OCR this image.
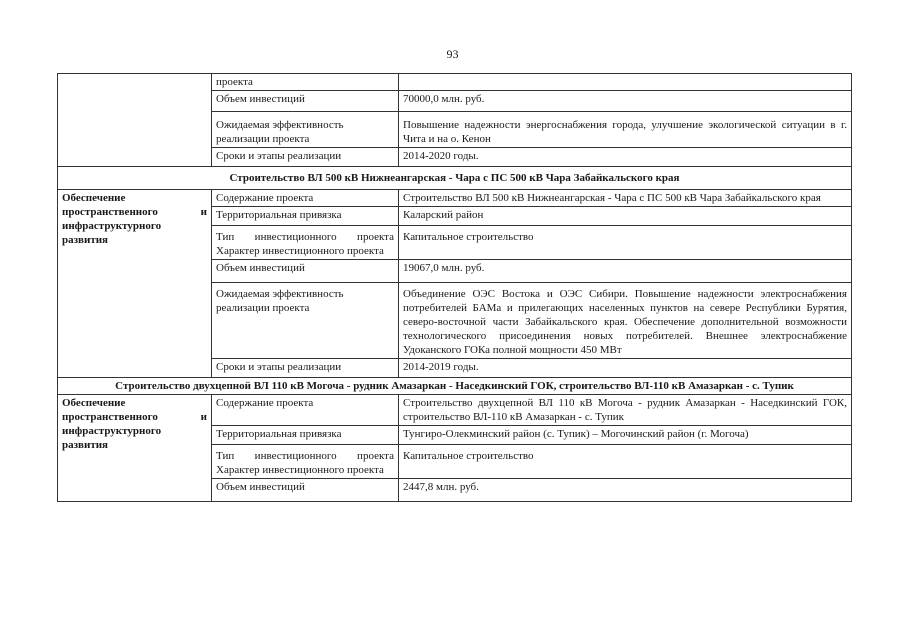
93
	проекта	
	Объем инвестиций	70000,0 млн. руб.
	Ожидаемая эффективность реализации проекта	Повышение надежности энергоснабжения города, улучшение экологической ситуации в г. Чита и на о. Кенон
	Сроки и этапы реализации	2014-2020 годы.
Строительство ВЛ 500 кВ Нижнеангарская - Чара с ПС 500 кВ Чара Забайкальского края		
Обеспечение пространственного и инфраструктурного развития	Содержание проекта	Строительство ВЛ 500 кВ Нижнеангарская - Чара с ПС 500 кВ Чара Забайкальского края
	Территориальная привязка	Каларский район
	Тип инвестиционного проекта Характер инвестиционного проекта	Капитальное строительство
	Объем инвестиций	19067,0 млн. руб.
	Ожидаемая эффективность реализации проекта	Объединение ОЭС Востока и ОЭС Сибири. Повышение надежности электроснабжения потребителей БАМа и прилегающих населенных пунктов на севере Республики Бурятия, северо-восточной части Забайкальского края. Обеспечение дополнительной возможности технологического присоединения новых потребителей. Внешнее электроснабжение Удоканского ГОКа полной мощности 450 МВт
	Сроки и этапы реализации	2014-2019 годы.
Строительство двухцепной ВЛ 110 кВ Могоча - рудник Амазаркан - Наседкинский ГОК, строительство ВЛ-110 кВ Амазаркан - с. Тупик		
Обеспечение пространственного и инфраструктурного развития	Содержание проекта	Строительство двухцепной ВЛ 110 кВ Могоча - рудник Амазаркан - Наседкинский ГОК, строительство ВЛ-110 кВ Амазаркан - с. Тупик
	Территориальная привязка	Тунгиро-Олекминский район (с. Тупик) – Могочинский район (г. Могоча)
	Тип инвестиционного проекта Характер инвестиционного проекта	Капитальное строительство
	Объем инвестиций	2447,8 млн. руб.
